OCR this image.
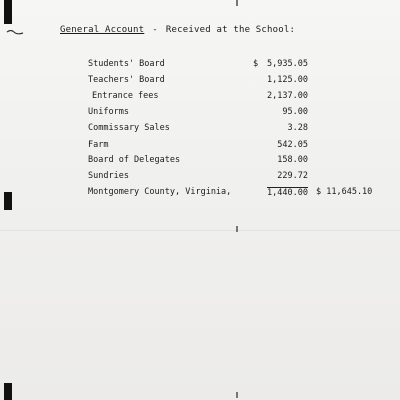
General Account - Received at the School:
Students' Board	$ 5,935.05
Teachers' Board	1,125.00
Entrance fees	2,137.00
Uniforms	95.00
Commissary Sales	3.28
Farm	542.05
Board of Delegates	158.00
Sundries	229.72
Montgomery County, Virginia,	1,440.00 $ 11,645.10
